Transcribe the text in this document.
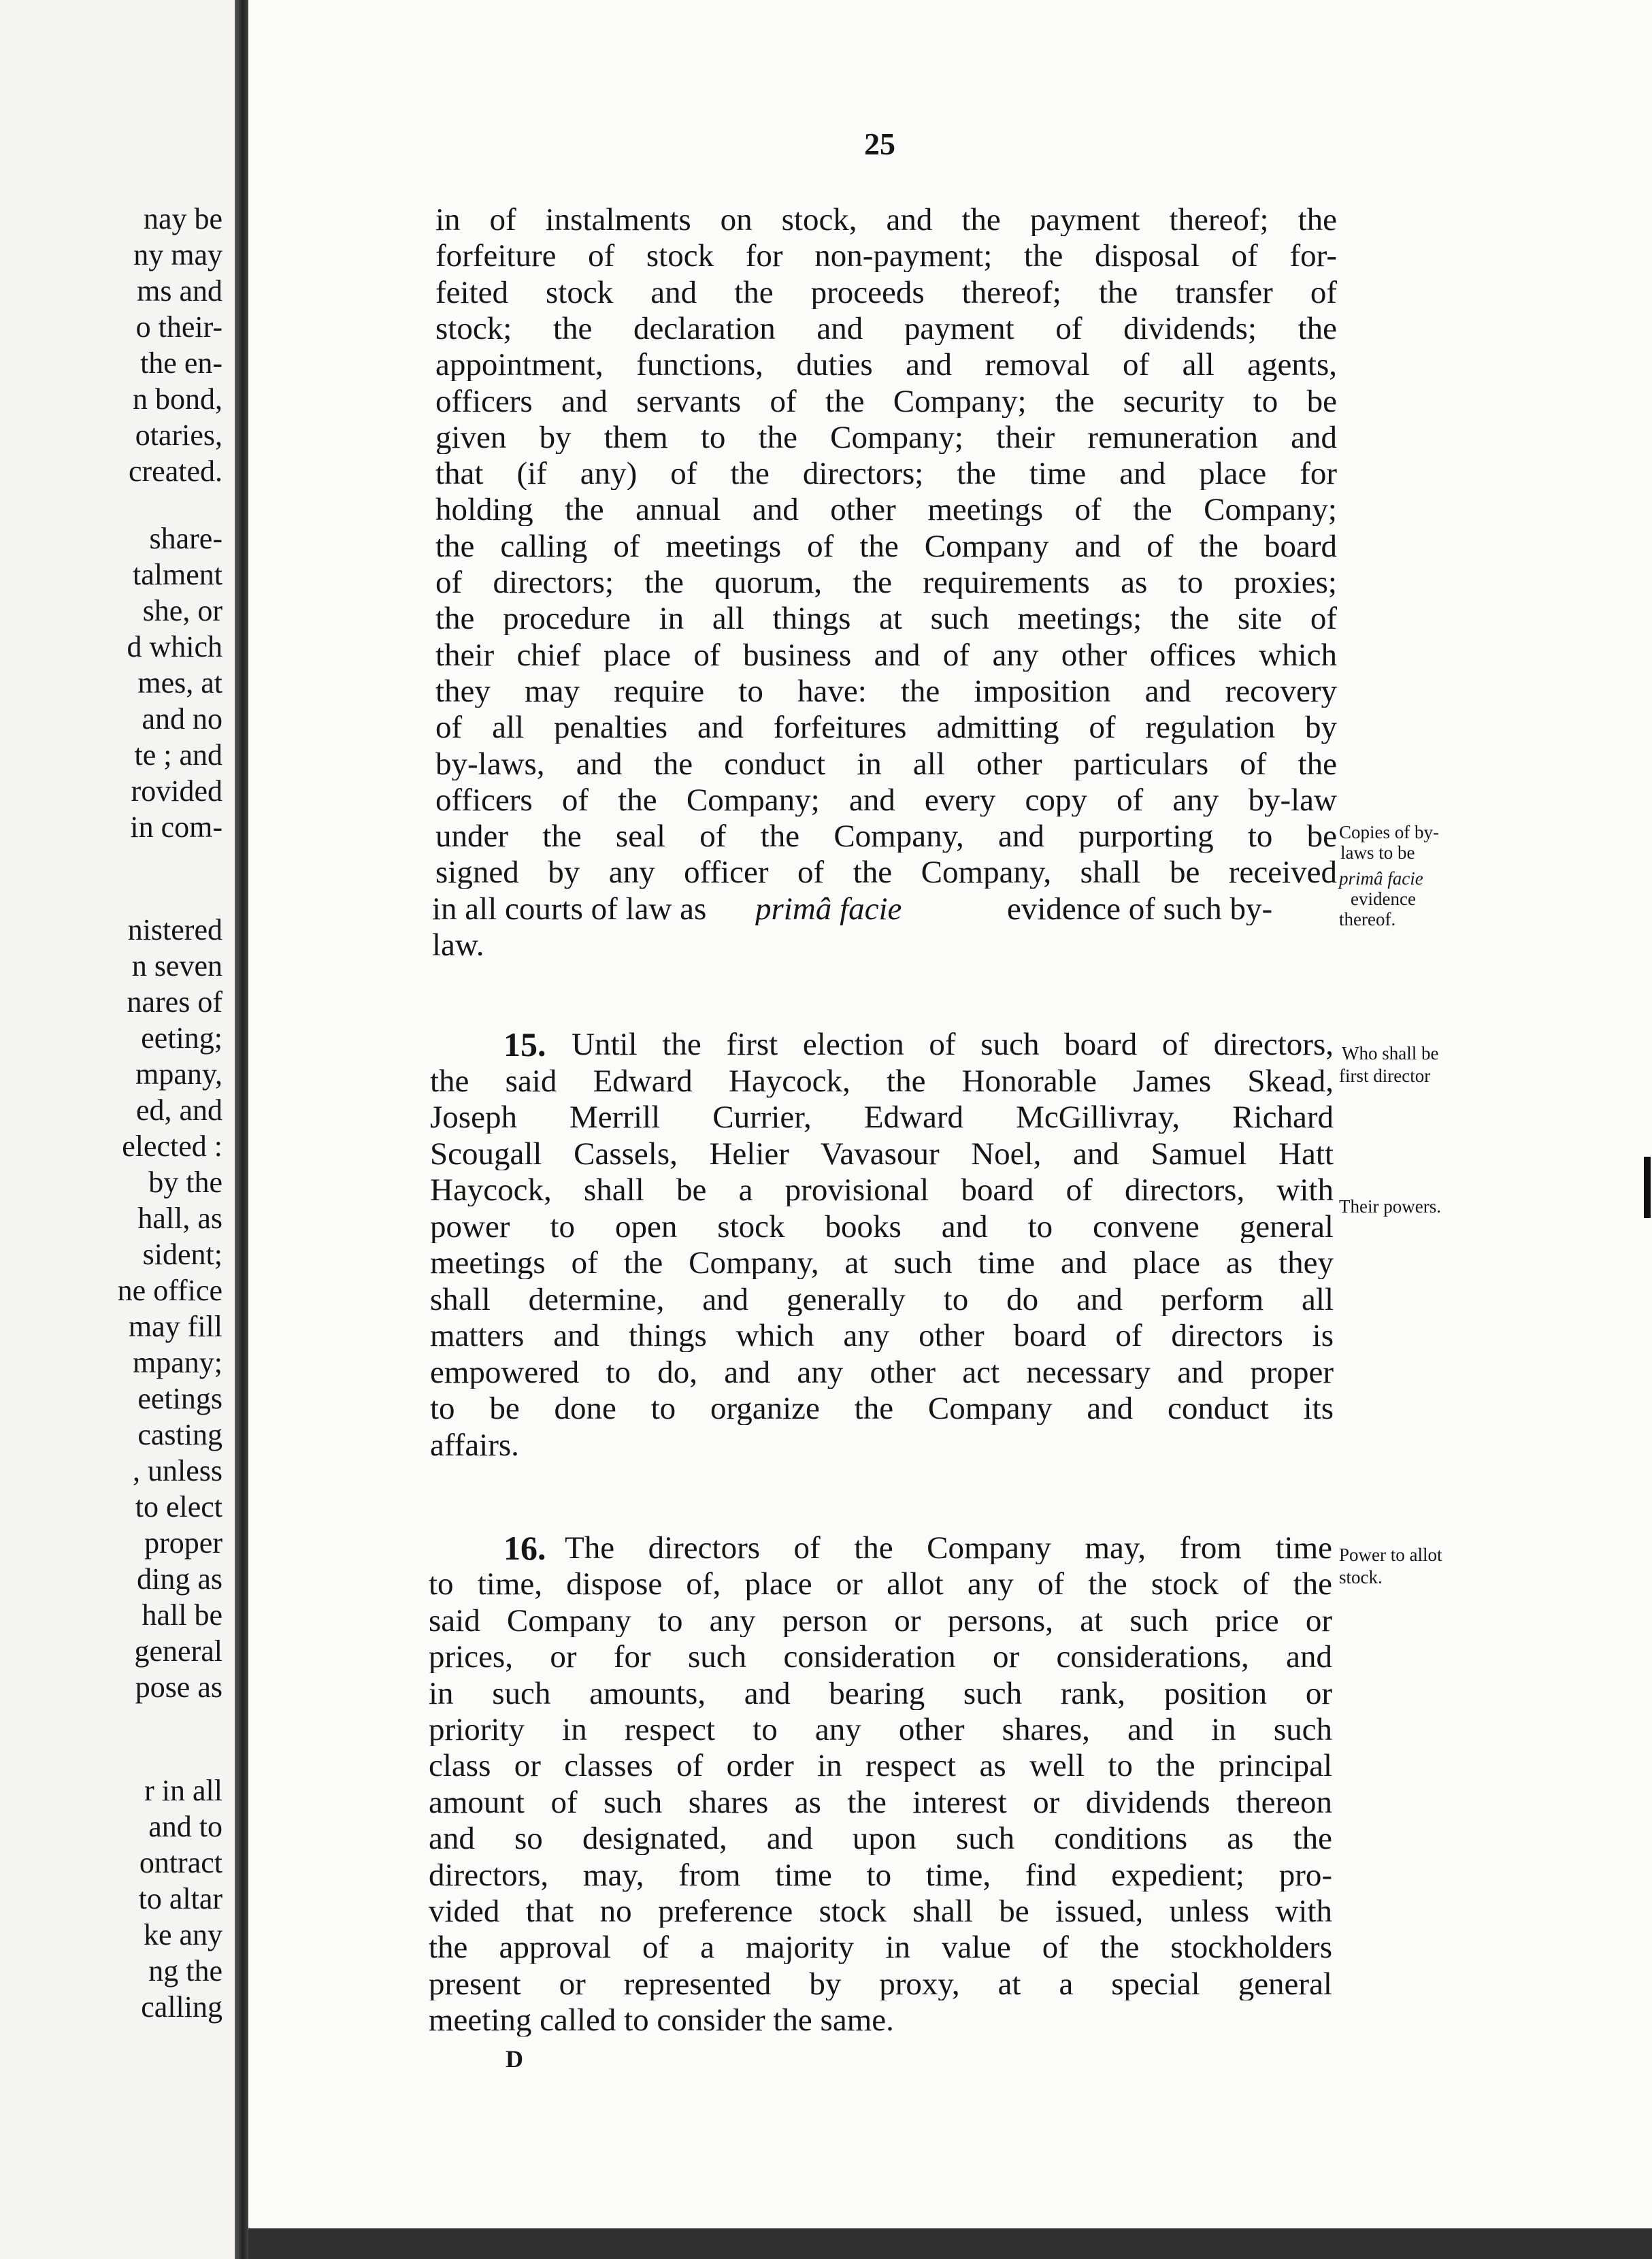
nay be
ny may
ms and
o their-
the en-
n bond,
otaries,
created.
share-
talment
she, or
d which
mes, at
and no
te ; and
rovided
in com-
nistered
n seven
nares of
eeting;
mpany,
ed, and
elected :
by the
hall, as
sident;
ne office
may fill
mpany;
eetings
casting
, unless
to elect
proper
ding as
hall be
general
pose as
r in all
and to
ontract
to altar
ke any
ng the
calling
25
in of instalments on stock, and the payment thereof; the
forfeiture of stock for non-payment; the disposal of for-
feited stock and the proceeds thereof; the transfer of
stock; the declaration and payment of dividends; the
appointment, functions, duties and removal of all agents,
officers and servants of the Company; the security to be
given by them to the Company; their remuneration and
that (if any) of the directors; the time and place for
holding the annual and other meetings of the Company;
the calling of meetings of the Company and of the board
of directors; the quorum, the requirements as to proxies;
the procedure in all things at such meetings; the site of
their chief place of business and of any other offices which
they may require to have: the imposition and recovery
of all penalties and forfeitures admitting of regulation by
by-laws, and the conduct in all other particulars of the
officers of the Company; and every copy of any by-law
under the seal of the Company, and purporting to be
signed by any officer of the Company, shall be received
in all courts of law as primâ facie	evidence of such by-
law.
15. Until the first election of such board of directors,
the said Edward Haycock, the Honorable James Skead,
Joseph Merrill Currier, Edward McGillivray, Richard
Scougall Cassels, Helier Vavasour Noel, and Samuel Hatt
Haycock, shall be a provisional board of directors, with
power to open stock books and to convene general
meetings of the Company, at such time and place as they
shall determine, and generally to do and perform all
matters and things which any other board of directors is
empowered to do, and any other act necessary and proper
to be done to organize the Company and conduct its
affairs.
16. The directors of the Company may, from time
to time, dispose of, place or allot any of the stock of the
said Company to any person or persons, at such price or
prices, or for such consideration or considerations, and
in such amounts, and bearing such rank, position or
priority in respect to any other shares, and in such
class or classes of order in respect as well to the principal
amount of such shares as the interest or dividends thereon
and so designated, and upon such conditions as the
directors, may, from time to time, find expedient; pro-
vided that no preference stock shall be issued, unless with
the approval of a majority in value of the stockholders
present or represented by proxy, at a special general
meeting called to consider the same.
Copies of by-
laws to be
primâ facie
evidence
thereof.
Who shall be
first director
Their powers.
Power to allot
stock.
D
